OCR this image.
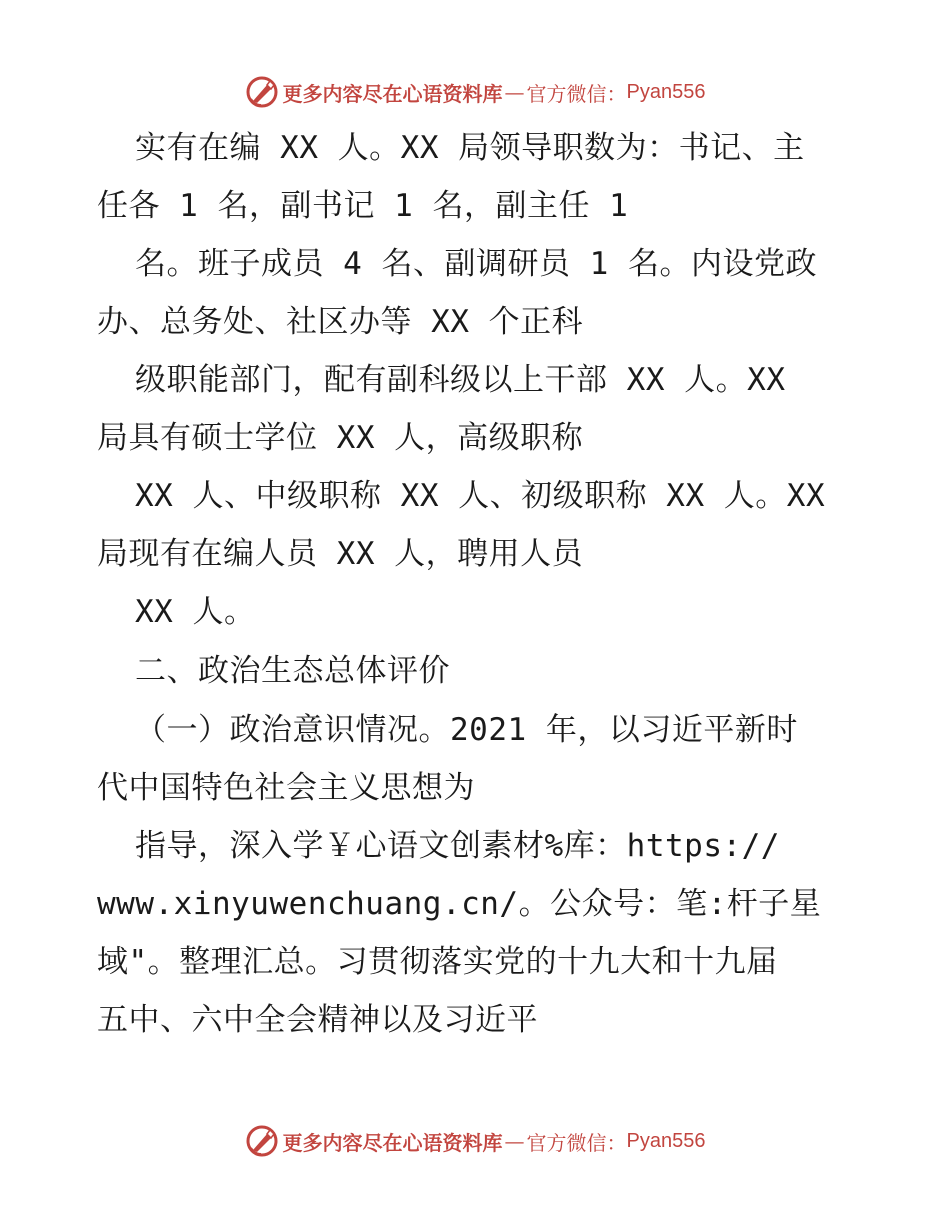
更多内容尽在心语资料库 — 官方微信： Pyan556
实有在编 XX 人。XX 局领导职数为：书记、主
任各 1 名，副书记 1 名，副主任 1
名。班子成员 4 名、副调研员 1 名。内设党政
办、总务处、社区办等 XX 个正科
级职能部门，配有副科级以上干部 XX 人。XX
局具有硕士学位 XX 人，高级职称
XX 人、中级职称 XX 人、初级职称 XX 人。XX
局现有在编人员 XX 人，聘用人员
XX 人。
二、政治生态总体评价
（一）政治意识情况。2021 年，以习近平新时
代中国特色社会主义思想为
指导，深入学￥心语文创素材%库：https://
www.xinyuwenchuang.cn/。公众号：笔:杆子星
域"。整理汇总。习贯彻落实党的十九大和十九届
五中、六中全会精神以及习近平
更多内容尽在心语资料库 — 官方微信： Pyan556
